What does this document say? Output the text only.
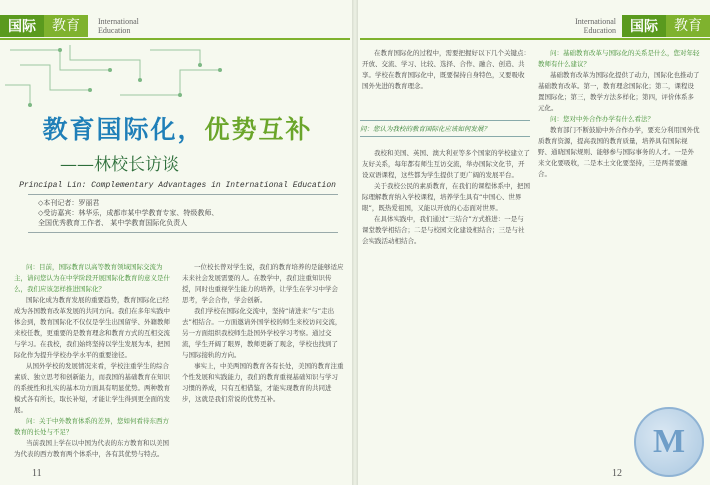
国际	教育	International
Education
International
Education	国际	教育
教育国际化，优势互补
——林校长访谈
Principal Lin: Complementary Advantages in International Education
◇本刊记者：罗丽君
◇受访嘉宾：林华乐，成都市某中学教育专家、特级教师、
全国优秀教育工作者、 某中学教育国际化负责人

问：目前，国际教育以高等教育领域国际交流为主，请问您认为在中学阶段开展国际化教育的意义是什么，我们应该怎样推进国际化？

国际化成为教育发展的重要趋势，教育国际化已经成为各国教育改革发展的共同方向。我们在多年实践中体会到，教育国际化不仅仅是学生出国留学、外籍教师来校任教，更重要的是教育理念和教育方式的互相交流与学习。在我校，我们始终坚持以学生发展为本，把国际化作为提升学校办学水平的重要途径。

从国外学校的发展情况来看，学校注重学生的综合素质、独立思考和创新能力，而我国的基础教育在知识的系统性和扎实的基本功方面具有明显优势。两种教育模式各有所长，取长补短，才能让学生得到更全面的发展。

问：关于中外教育体系的差异，您如何看待东西方教育的长处与不足？

当前我国上学在以中国为代表的东方教育和以美国为代表的西方教育两个体系中，各有其优势与特点。

一位校长曾对学生说，我们的教育培养的是能够适应未来社会发展需要的人。在教学中，我们注重知识传授，同时也重视学生能力的培养，让学生在学习中学会思考，学会合作，学会创新。

我们学校在国际化交流中，坚持“请进来”与“走出去”相结合。一方面邀请外国学校的师生来校访问交流，另一方面组织我校师生赴国外学校学习考察。通过交流，学生开阔了眼界，教师更新了观念，学校也找到了与国际接轨的方向。

事实上，中美两国的教育各有长处，美国的教育注重个性发展和实践能力，我们的教育重视基础知识与学习习惯的养成，只有互相借鉴，才能实现教育的共同进步，这就是我们常说的优势互补。

在教育国际化的过程中，需要把握好以下几个关键点：开放、交流、学习、比较、选择、合作、融合、创造、共享。学校在教育国际化中，既要保持自身特色，又要吸收国外先进的教育理念。

问：您认为我校的教育国际化应该如何发展？

我校和美国、英国、澳大利亚等多个国家的学校建立了友好关系，每年都有师生互访交流，举办国际文化节，开设双语课程，这些都为学生提供了更广阔的发展平台。

关于我校公民的素质教育，在我们的课程体系中，把国际理解教育纳入学校课程，培养学生具有“中国心、世界眼”，既热爱祖国，又能以开放的心态面对世界。

在具体实践中，我们通过“三结合”方式推进：一是与课堂教学相结合；二是与校园文化建设相结合；三是与社会实践活动相结合。

问：基础教育改革与国际化的关系是什么，您对年轻教师有什么建议？

基础教育改革为国际化提供了动力，国际化也推动了基础教育改革。第一，教育理念国际化；第二，课程设置国际化；第三，教学方法多样化；第四，评价体系多元化。

问：您对中外合作办学有什么看法？

教育部门不断鼓励中外合作办学，要充分利用国外优质教育资源，提高我国的教育质量，培养具有国际视野、通晓国际规则、能够参与国际事务的人才。一是外来文化要吸收，二是本土文化要坚持，三是两者要融合。

11	12
M
